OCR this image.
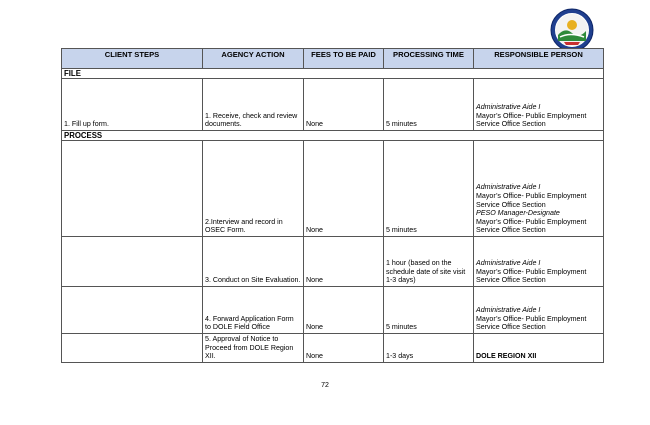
CLIENT STEPS	AGENCY ACTION	FEES TO BE PAID	PROCESSING TIME	RESPONSIBLE PERSON
FILE				
1. Fill up form.	1. Receive, check and review documents.	None	5 minutes	Administrative Aide I
Mayor’s Office- Public Employment Service Office Section

PROCESS				
	2.Interview and record in OSEC Form.	None	5 minutes	Administrative Aide I
Mayor’s Office- Public Employment Service Office Section
PESO Manager-Designate
Mayor’s Office- Public Employment Service Office Section

	3. Conduct on Site Evaluation.	None	1 hour (based on the schedule date of site visit 1-3 days)	Administrative Aide I
Mayor’s Office- Public Employment Service Office Section

	4. Forward Application Form to DOLE Field Office	None	5 minutes	Administrative Aide I
Mayor’s Office- Public Employment Service Office Section

	5. Approval of Notice to Proceed from DOLE Region XII.	None	1-3 days	DOLE REGION XII
72
